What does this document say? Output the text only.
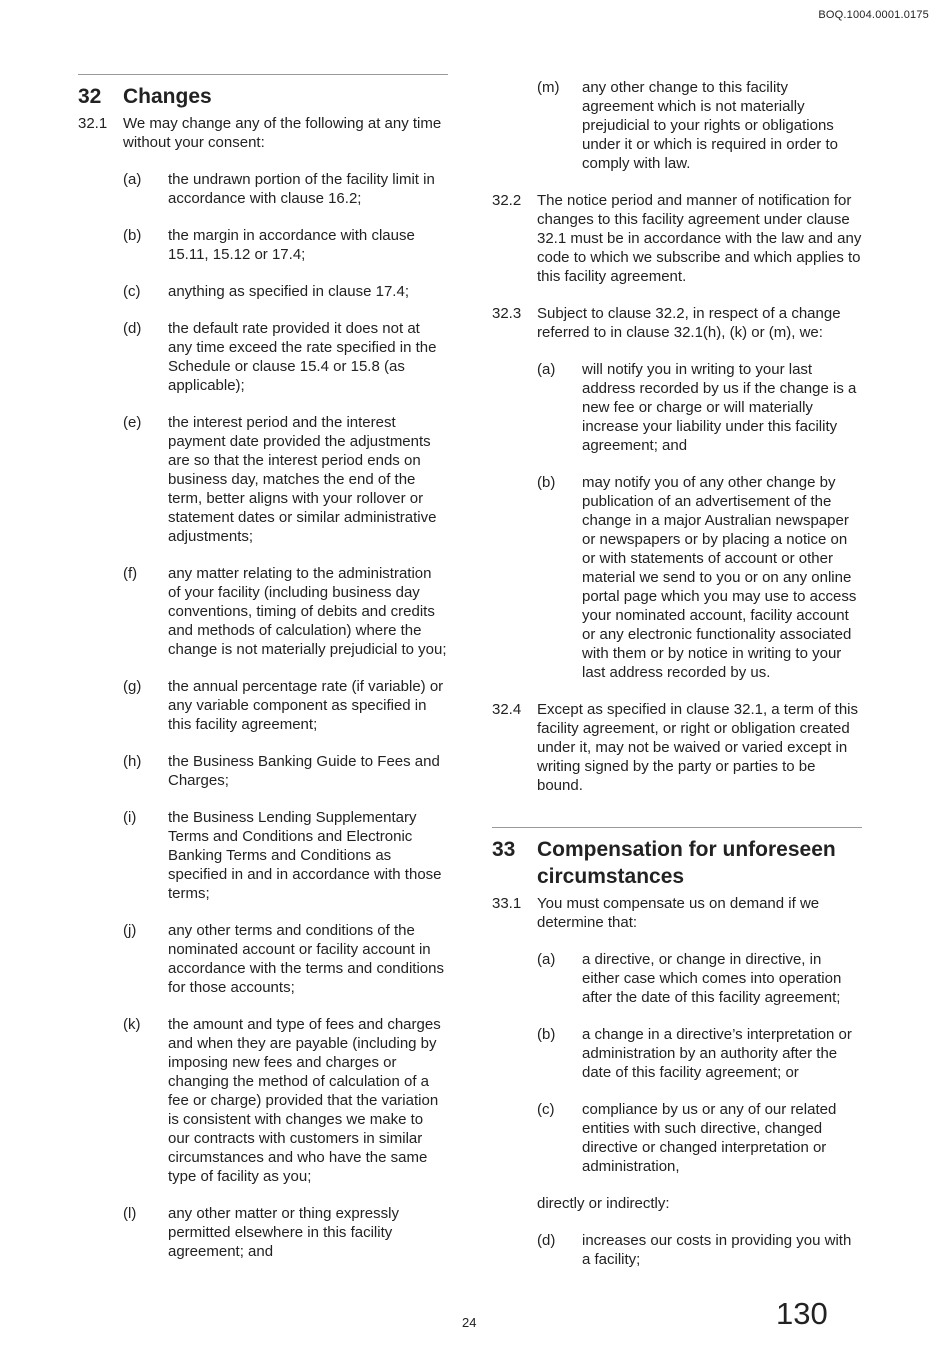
BOQ.1004.0001.0175
32	Changes
32.1	We may change any of the following at any time without your consent:
(a)	the undrawn portion of the facility limit in accordance with clause 16.2;
(b)	the margin in accordance with clause 15.11, 15.12 or 17.4;
(c)	anything as specified in clause 17.4;
(d)	the default rate provided it does not at any time exceed the rate specified in the Schedule or clause 15.4 or 15.8 (as applicable);
(e)	the interest period and the interest payment date provided the adjustments are so that the interest period ends on business day, matches the end of the term, better aligns with your rollover or statement dates or similar administrative adjustments;
(f)	any matter relating to the administration of your facility (including business day conventions, timing of debits and credits and methods of calculation) where the change is not materially prejudicial to you;
(g)	the annual percentage rate (if variable) or any variable component as specified in this facility agreement;
(h)	the Business Banking Guide to Fees and Charges;
(i)	the Business Lending Supplementary Terms and Conditions and Electronic Banking Terms and Conditions as specified in and in accordance with those terms;
(j)	any other terms and conditions of the nominated account or facility account in accordance with the terms and conditions for those accounts;
(k)	the amount and type of fees and charges and when they are payable (including by imposing new fees and charges or changing the method of calculation of a fee or charge) provided that the variation is consistent with changes we make to our contracts with customers in similar circumstances and who have the same type of facility as you;
(l)	any other matter or thing expressly permitted elsewhere in this facility agreement; and
(m)	any other change to this facility agreement which is not materially prejudicial to your rights or obligations under it or which is required in order to comply with law.
32.2	The notice period and manner of notification for changes to this facility agreement under clause 32.1 must be in accordance with the law and any code to which we subscribe and which applies to this facility agreement.
32.3	Subject to clause 32.2, in respect of a change referred to in clause 32.1(h), (k) or (m), we:
(a)	will notify you in writing to your last address recorded by us if the change is a new fee or charge or will materially increase your liability under this facility agreement; and
(b)	may notify you of any other change by publication of an advertisement of the change in a major Australian newspaper or newspapers or by placing a notice on or with statements of account or other material we send to you or on any online portal page which you may use to access your nominated account, facility account or any electronic functionality associated with them or by notice in writing to your last address recorded by us.
32.4	Except as specified in clause 32.1, a term of this facility agreement, or right or obligation created under it, may not be waived or varied except in writing signed by the party or parties to be bound.
33	Compensation for unforeseen circumstances
33.1	You must compensate us on demand if we determine that:
(a)	a directive, or change in directive, in either case which comes into operation after the date of this facility agreement;
(b)	a change in a directive’s interpretation or administration by an authority after the date of this facility agreement; or
(c)	compliance by us or any of our related entities with such directive, changed directive or changed interpretation or administration,
directly or indirectly:
(d)	increases our costs in providing you with a facility;
24	130
